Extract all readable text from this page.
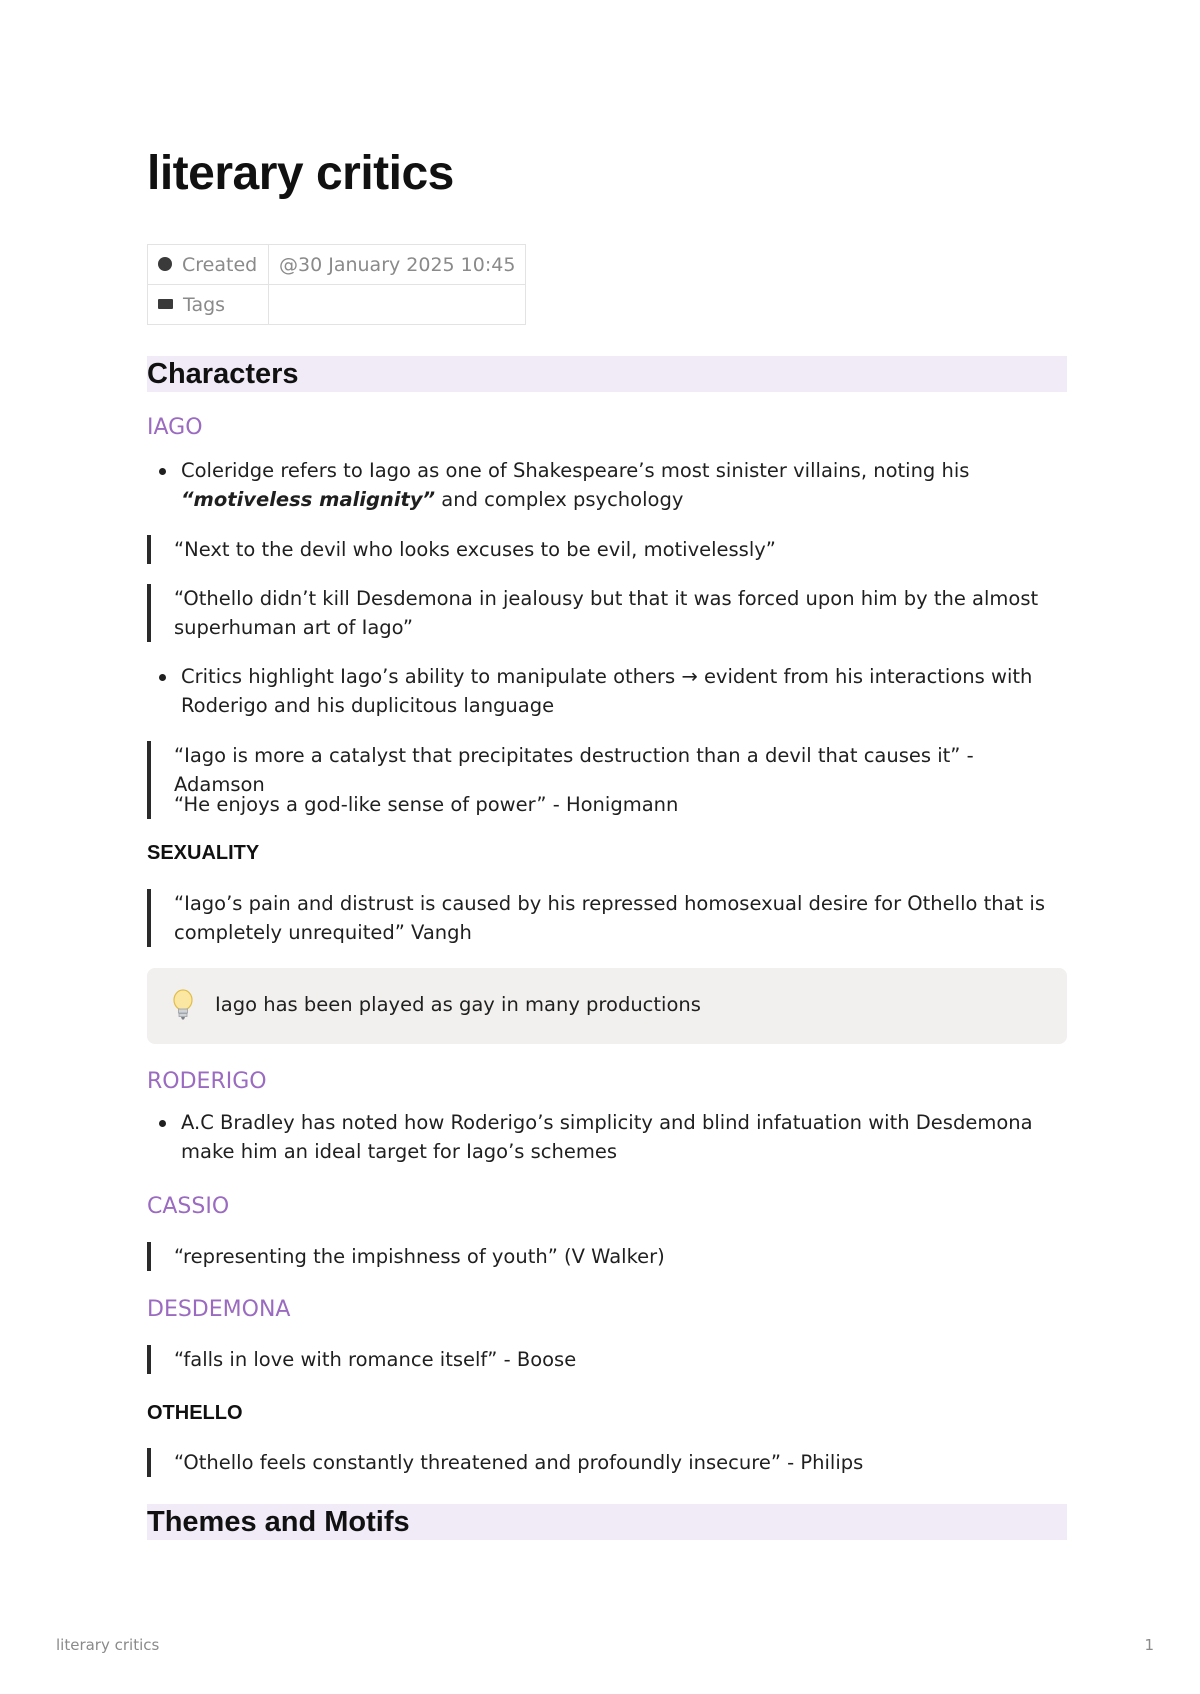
literary critics
Created	@30 January 2025 10:45
Tags	
Characters
IAGO
Coleridge refers to Iago as one of Shakespeare’s most sinister villains, noting his “motiveless malignity” and complex psychology
“Next to the devil who looks excuses to be evil, motivelessly”
“Othello didn’t kill Desdemona in jealousy but that it was forced upon him by the almost superhuman art of Iago”
Critics highlight Iago’s ability to manipulate others → evident from his interactions with Roderigo and his duplicitous language
“Iago is more a catalyst that precipitates destruction than a devil that causes it” - Adamson
“He enjoys a god-like sense of power” - Honigmann
SEXUALITY
“Iago’s pain and distrust is caused by his repressed homosexual desire for Othello that is completely unrequited” Vangh
Iago has been played as gay in many productions
RODERIGO
A.C Bradley has noted how Roderigo’s simplicity and blind infatuation with Desdemona make him an ideal target for Iago’s schemes
CASSIO
“representing the impishness of youth” (V Walker)
DESDEMONA
“falls in love with romance itself” - Boose
OTHELLO
“Othello feels constantly threatened and profoundly insecure” - Philips
Themes and Motifs
literary critics	1
